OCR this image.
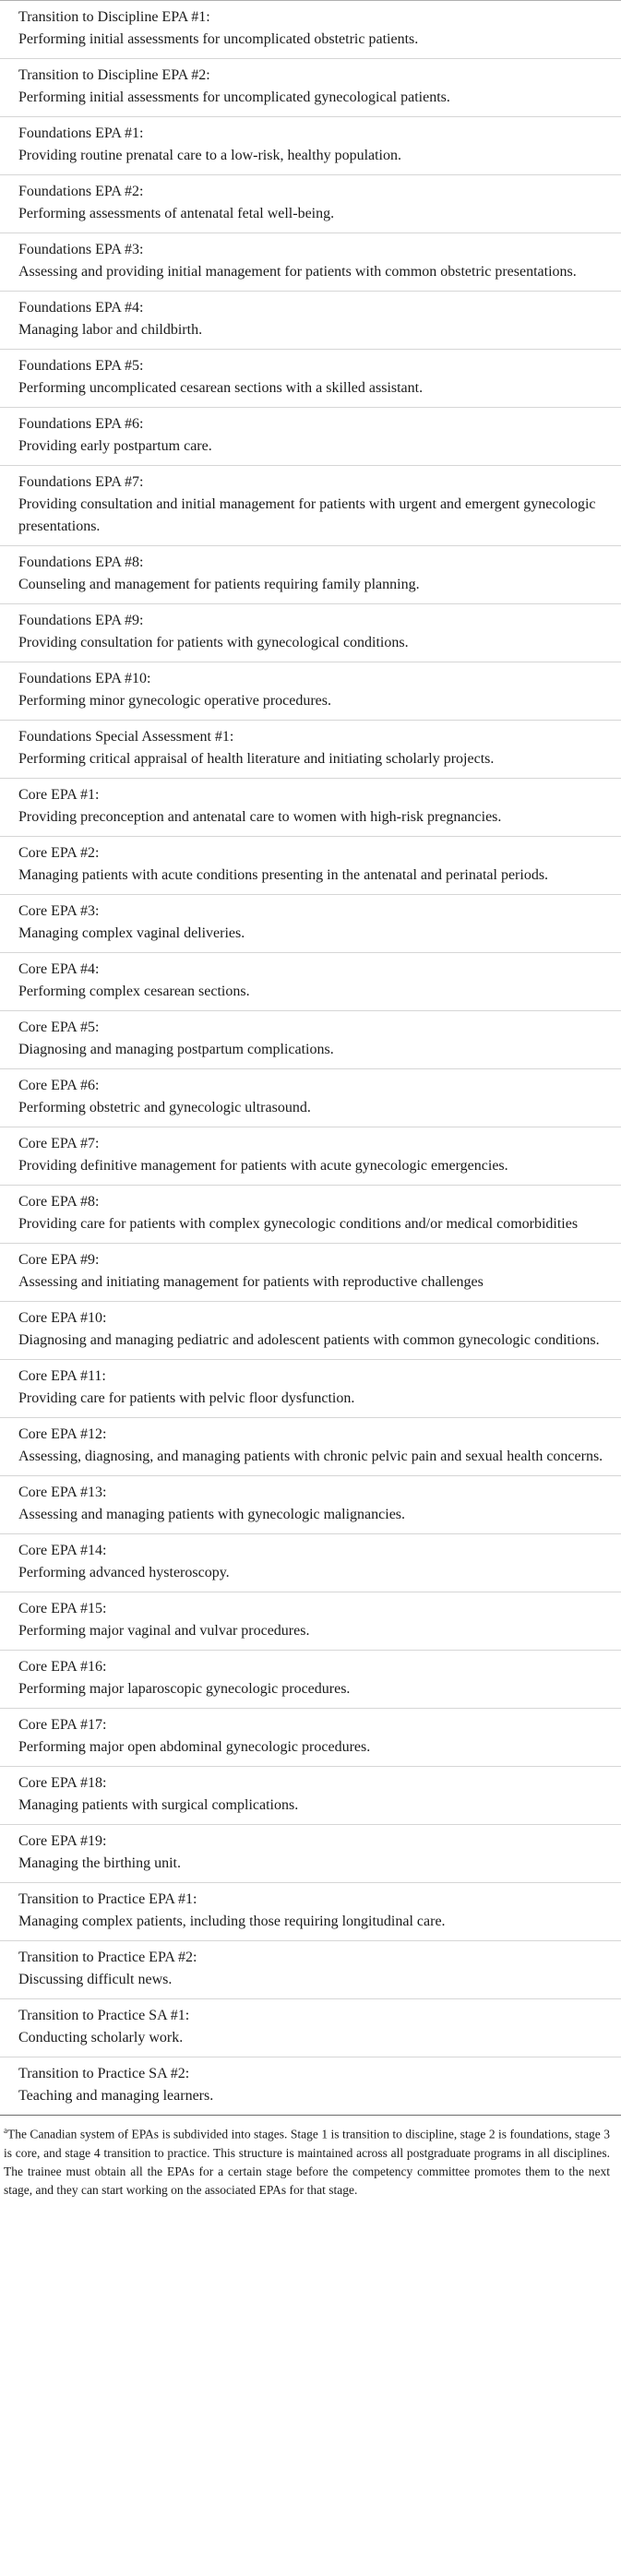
Transition to Discipline EPA #1:
Performing initial assessments for uncomplicated obstetric patients.

Transition to Discipline EPA #2:
Performing initial assessments for uncomplicated gynecological patients.

Foundations EPA #1:
Providing routine prenatal care to a low-risk, healthy population.

Foundations EPA #2:
Performing assessments of antenatal fetal well-being.

Foundations EPA #3:
Assessing and providing initial management for patients with common obstetric presentations.

Foundations EPA #4:
Managing labor and childbirth.

Foundations EPA #5:
Performing uncomplicated cesarean sections with a skilled assistant.

Foundations EPA #6:
Providing early postpartum care.

Foundations EPA #7:
Providing consultation and initial management for patients with urgent and emergent gynecologic presentations.

Foundations EPA #8:
Counseling and management for patients requiring family planning.

Foundations EPA #9:
Providing consultation for patients with gynecological conditions.

Foundations EPA #10:
Performing minor gynecologic operative procedures.

Foundations Special Assessment #1:
Performing critical appraisal of health literature and initiating scholarly projects.

Core EPA #1:
Providing preconception and antenatal care to women with high-risk pregnancies.

Core EPA #2:
Managing patients with acute conditions presenting in the antenatal and perinatal periods.

Core EPA #3:
Managing complex vaginal deliveries.

Core EPA #4:
Performing complex cesarean sections.

Core EPA #5:
Diagnosing and managing postpartum complications.

Core EPA #6:
Performing obstetric and gynecologic ultrasound.

Core EPA #7:
Providing definitive management for patients with acute gynecologic emergencies.

Core EPA #8:
Providing care for patients with complex gynecologic conditions and/or medical comorbidities

Core EPA #9:
Assessing and initiating management for patients with reproductive challenges

Core EPA #10:
Diagnosing and managing pediatric and adolescent patients with common gynecologic conditions.

Core EPA #11:
Providing care for patients with pelvic floor dysfunction.

Core EPA #12:
Assessing, diagnosing, and managing patients with chronic pelvic pain and sexual health concerns.

Core EPA #13:
Assessing and managing patients with gynecologic malignancies.

Core EPA #14:
Performing advanced hysteroscopy.

Core EPA #15:
Performing major vaginal and vulvar procedures.

Core EPA #16:
Performing major laparoscopic gynecologic procedures.

Core EPA #17:
Performing major open abdominal gynecologic procedures.

Core EPA #18:
Managing patients with surgical complications.

Core EPA #19:
Managing the birthing unit.

Transition to Practice EPA #1:
Managing complex patients, including those requiring longitudinal care.

Transition to Practice EPA #2:
Discussing difficult news.

Transition to Practice SA #1:
Conducting scholarly work.

Transition to Practice SA #2:
Teaching and managing learners.
$^a$The Canadian system of EPAs is subdivided into stages. Stage 1 is transition to discipline, stage 2 is foundations, stage 3 is core, and stage 4 transition to practice. This structure is maintained across all postgraduate programs in all disciplines. The trainee must obtain all the EPAs for a certain stage before the competency committee promotes them to the next stage, and they can start working on the associated EPAs for that stage.
